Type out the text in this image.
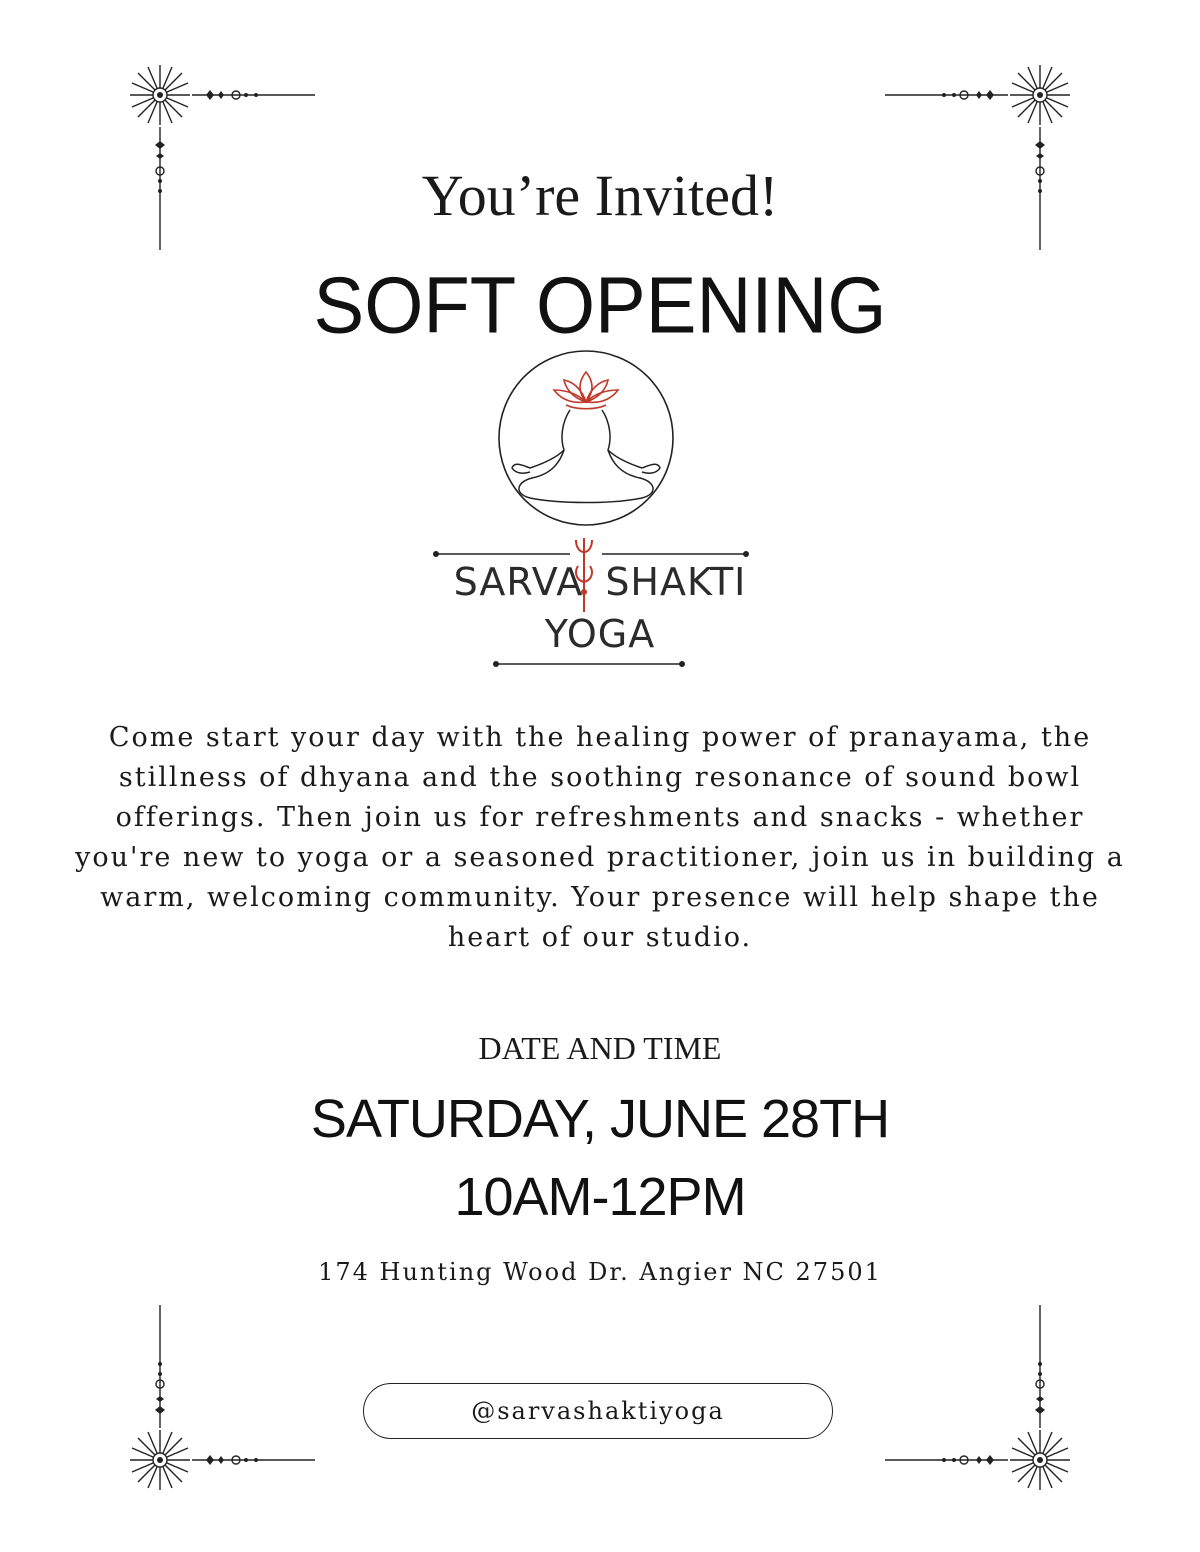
You’re Invited!
SOFT OPENING
SARVA SHAKTI
YOGA
Come start your day with the healing power of pranayama, the stillness of dhyana and the soothing resonance of sound bowl offerings. Then join us for refreshments and snacks - whether you're new to yoga or a seasoned practitioner, join us in building a warm, welcoming community. Your presence will help shape the heart of our studio.
DATE AND TIME
SATURDAY, JUNE 28TH
10AM-12PM
174 Hunting Wood Dr. Angier NC 27501
@sarvashaktiyoga
